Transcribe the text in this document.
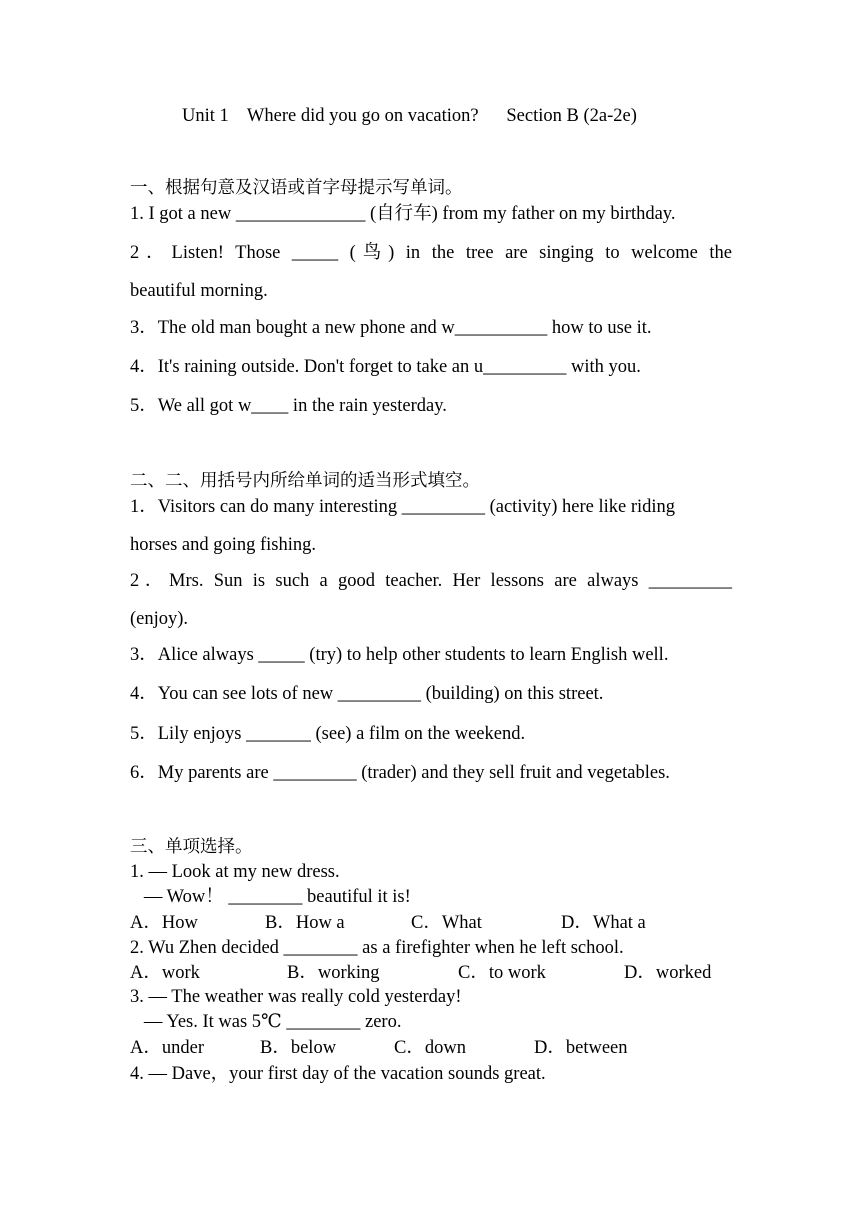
Unit 1    Where did you go on vacation?      Section B (2a-2e)
一、根据句意及汉语或首字母提示写单词。
1. I got a new ______________ (自行车) from my father on my birthday.
2．Listen! Those _____ (鸟) in the tree are singing to welcome the
beautiful morning.
3．The old man bought a new phone and w__________ how to use it.
4．It's raining outside. Don't forget to take an u_________ with you.
5．We all got w____ in the rain yesterday.
二、二、用括号内所给单词的适当形式填空。
1．Visitors can do many interesting _________ (activity) here like riding
horses and going fishing.
2．Mrs. Sun is such a good teacher. Her lessons are always _________
(enjoy).
3．Alice always _____ (try) to help other students to learn English well.
4．You can see lots of new _________ (building) on this street.
5．Lily enjoys _______ (see) a film on the weekend.
6．My parents are _________ (trader) and they sell fruit and vegetables.
三、单项选择。
1. — Look at my new dress.
— Wow！ ________ beautiful it is!

A．How

	B．How a

	C．What

	D．What a

2. Wu Zhen decided ________ as a firefighter when he left school.

A．work

	B．working

	C．to work

	D．worked

3. — The weather was really cold yesterday!
— Yes. It was 5℃ ________ zero.

A．under

	B．below

	C．down

	D．between

4. — Dave，your first day of the vacation sounds great.
